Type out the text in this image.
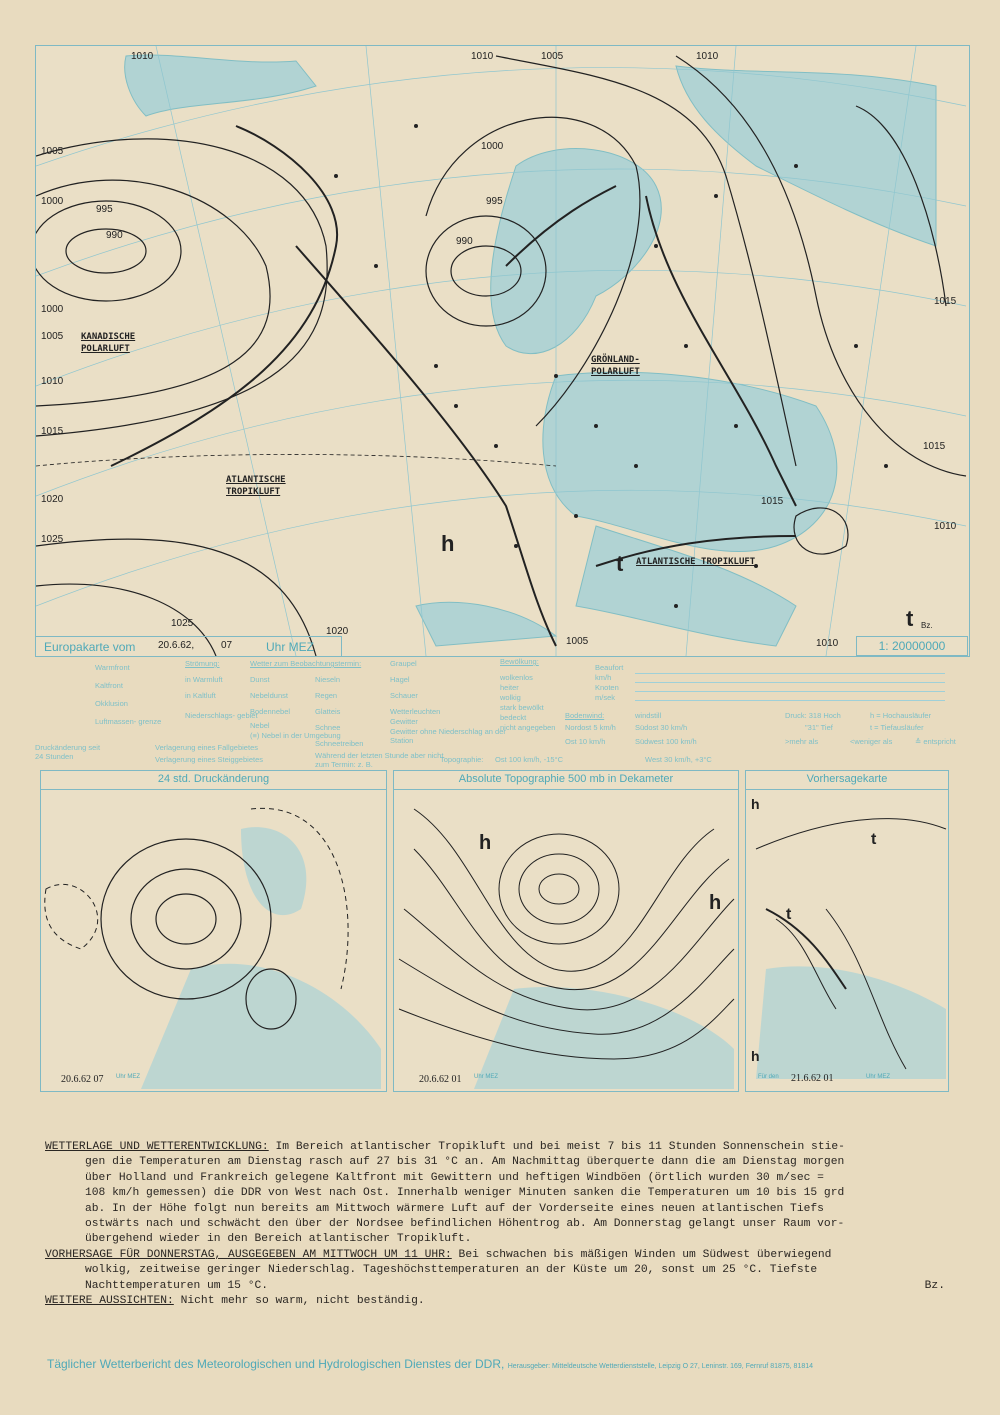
1010
1005
1000
995
990
1005
1000
1010
1015
1020
1025
1025
1020
1010	1005	1010
1000
995
990
1015
1015
1010
1010
1015
1005
KANADISCHE POLARLUFT
ATLANTISCHE TROPIKLUFT
GRÖNLAND- POLARLUFT
ATLANTISCHE TROPIKLUFT
h
t
t Bz.
Europakarte vom 20.6.62,	07	Uhr MEZ	1: 20000000
Warmfront
Kaltfront
Okklusion
Luftmassen- grenze
Strömung:
in Warmluft
in Kaltluft
Niederschlags- gebiet
Wetter zum Beobachtungstermin:
Dunst
Nebeldunst
Bodennebel
Nebel
(≡) Nebel in der Umgebung
Nieseln
Regen
Glatteis
Schnee
Schneetreiben
Graupel
Hagel
Schauer
Wetterleuchten
Gewitter
Gewitter ohne Niederschlag an der Station
Während der letzten Stunde aber nicht zum Termin: z. B.
Druckänderung seit 24 Stunden
Verlagerung eines Fallgebietes
Verlagerung eines Steiggebietes	Topographie: Ost 100 km/h, -15°C	West 30 km/h, +3°C
Bewölkung:
wolkenlos
heiter
wolkig
stark bewölkt
bedeckt
nicht angegeben
Beaufort
km/h
Knoten
m/sek
Bodenwind:	windstill
Nordost 5 km/h	Südost 30 km/h
Ost 10 km/h	Südwest 100 km/h
Druck: 318 Hoch
"31" Tief
h = Hochausläufer
t = Tiefausläufer
>mehr als	<weniger als	≙ entspricht
24 std. Druckänderung
20.6.62 07 Uhr MEZ
Absolute Topographie 500 mb in Dekameter
h
h
20.6.62 01 Uhr MEZ
Vorhersagekarte
h
t
t
h
Für den 21.6.62 01	Uhr MEZ

WETTERLAGE UND WETTERENTWICKLUNG: Im Bereich atlantischer Tropikluft und bei meist 7 bis 11 Stunden Sonnenschein stie-

gen die Temperaturen am Dienstag rasch auf 27 bis 31 °C an. Am Nachmittag überquerte dann die am Dienstag morgen

über Holland und Frankreich gelegene Kaltfront mit Gewittern und heftigen Windböen (örtlich wurden 30 m/sec =

108 km/h gemessen) die DDR von West nach Ost. Innerhalb weniger Minuten sanken die Temperaturen um 10 bis 15 grd

ab. In der Höhe folgt nun bereits am Mittwoch wärmere Luft auf der Vorderseite eines neuen atlantischen Tiefs

ostwärts nach und schwächt den über der Nordsee befindlichen Höhentrog ab. Am Donnerstag gelangt unser Raum vor-

übergehend wieder in den Bereich atlantischer Tropikluft.

VORHERSAGE FÜR DONNERSTAG, AUSGEGEBEN AM MITTWOCH UM 11 UHR: Bei schwachen bis mäßigen Winden um Südwest überwiegend

wolkig, zeitweise geringer Niederschlag. Tageshöchsttemperaturen an der Küste um 20, sonst um 25 °C. Tiefste

Nachttemperaturen um 15 °C.	Bz.

WEITERE AUSSICHTEN: Nicht mehr so warm, nicht beständig.

Täglicher Wetterbericht des Meteorologischen und Hydrologischen Dienstes der DDR, Herausgeber: Mitteldeutsche Wetterdienststelle, Leipzig O 27, Leninstr. 169, Fernruf 81875, 81814
